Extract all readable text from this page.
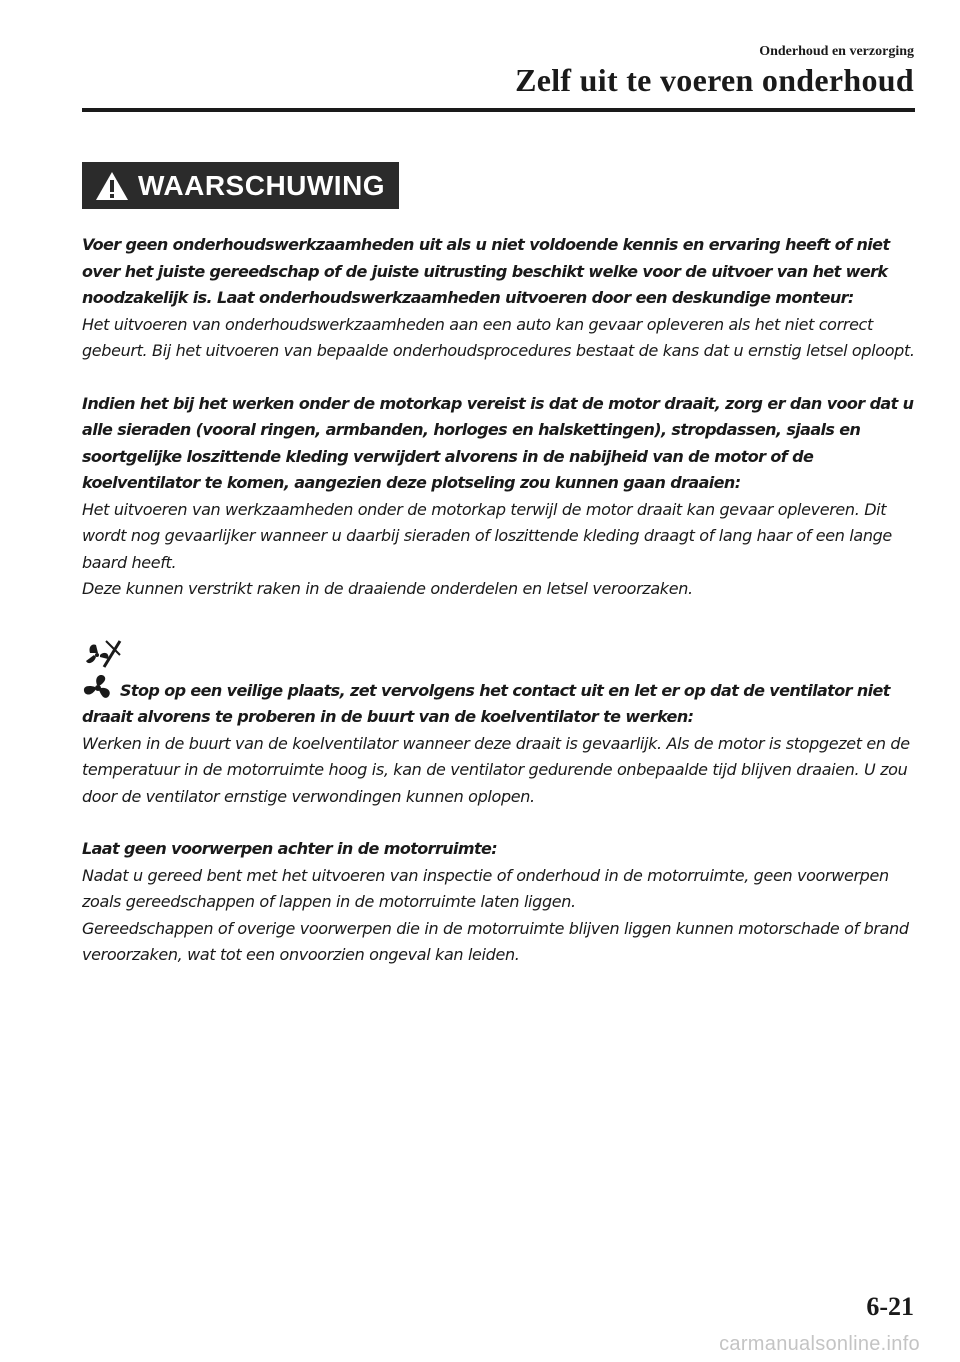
Onderhoud en verzorging
Zelf uit te voeren onderhoud
WAARSCHUWING

Voer geen onderhoudswerkzaamheden uit als u niet voldoende kennis en ervaring heeft of niet over het juiste gereedschap of de juiste uitrusting beschikt welke voor de uitvoer van het werk noodzakelijk is. Laat onderhoudswerkzaamheden uitvoeren door een deskundige monteur:

Het uitvoeren van onderhoudswerkzaamheden aan een auto kan gevaar opleveren als het niet correct gebeurt. Bij het uitvoeren van bepaalde onderhoudsprocedures bestaat de kans dat u ernstig letsel oploopt.

Indien het bij het werken onder de motorkap vereist is dat de motor draait, zorg er dan voor dat u alle sieraden (vooral ringen, armbanden, horloges en halskettingen), stropdassen, sjaals en soortgelijke loszittende kleding verwijdert alvorens in de nabijheid van de motor of de koelventilator te komen, aangezien deze plotseling zou kunnen gaan draaien:

Het uitvoeren van werkzaamheden onder de motorkap terwijl de motor draait kan gevaar opleveren. Dit wordt nog gevaarlijker wanneer u daarbij sieraden of loszittende kleding draagt of lang haar of een lange baard heeft.

Deze kunnen verstrikt raken in de draaiende onderdelen en letsel veroorzaken.

Stop op een veilige plaats, zet vervolgens het contact uit en let er op dat de ventilator niet draait alvorens te proberen in de buurt van de koelventilator te werken:

Werken in de buurt van de koelventilator wanneer deze draait is gevaarlijk. Als de motor is stopgezet en de temperatuur in de motorruimte hoog is, kan de ventilator gedurende onbepaalde tijd blijven draaien. U zou door de ventilator ernstige verwondingen kunnen oplopen.

Laat geen voorwerpen achter in de motorruimte:

Nadat u gereed bent met het uitvoeren van inspectie of onderhoud in de motorruimte, geen voorwerpen zoals gereedschappen of lappen in de motorruimte laten liggen.

Gereedschappen of overige voorwerpen die in de motorruimte blijven liggen kunnen motorschade of brand veroorzaken, wat tot een onvoorzien ongeval kan leiden.

6-21
carmanualsonline.info
